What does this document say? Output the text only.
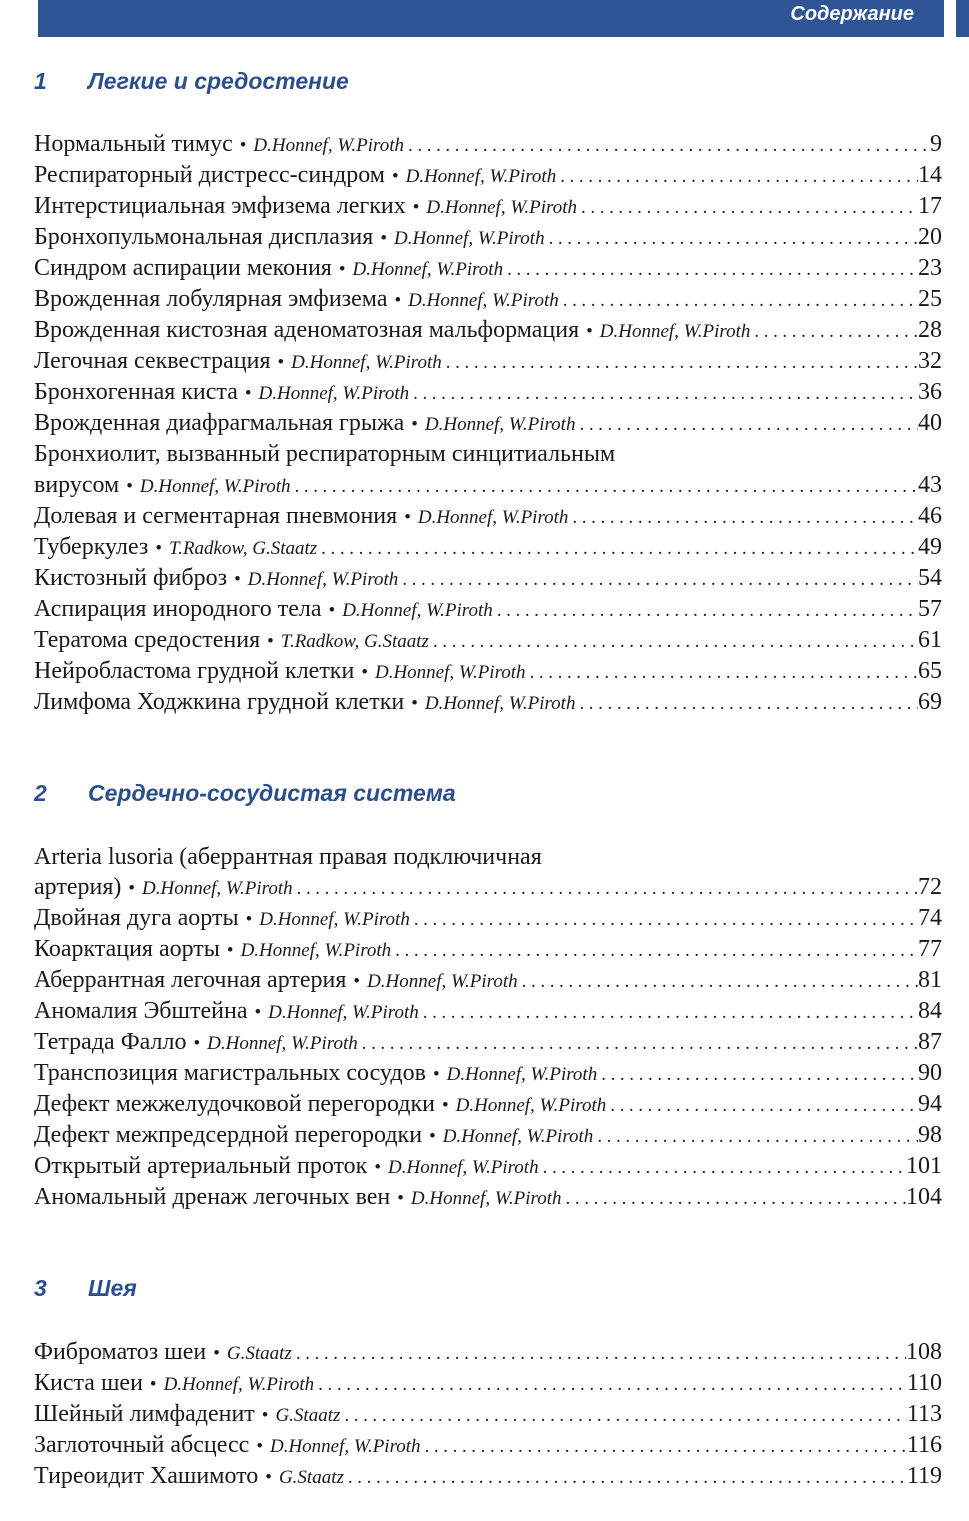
Содержание

1 Легкие и средостение
Нормальный тимус	• D.Honnef, W.Piroth .....	9
Респираторный дистресс-синдром	• D.Honnef, W.Piroth .....	14
Интерстициальная эмфизема легких	• D.Honnef, W.Piroth .....	17
Бронхопульмональная дисплазия	• D.Honnef, W.Piroth .....	20
Синдром аспирации мекония	• D.Honnef, W.Piroth .....	23
Врожденная лобулярная эмфизема	• D.Honnef, W.Piroth .....	25
Врожденная кистозная аденоматозная мальформация	• D.Honnef, W.Piroth .....	28
Легочная секвестрация	• D.Honnef, W.Piroth .....	32
Бронхогенная киста	• D.Honnef, W.Piroth .....	36
Врожденная диафрагмальная грыжа	• D.Honnef, W.Piroth .....	40
Бронхиолит, вызванный респираторным синцитиальным
вирусом	• D.Honnef, W.Piroth .....	43
Долевая и сегментарная пневмония	• D.Honnef, W.Piroth .....	46
Туберкулез	• T.Radkow, G.Staatz .....	49
Кистозный фиброз	• D.Honnef, W.Piroth .....	54
Аспирация инородного тела	• D.Honnef, W.Piroth .....	57
Тератома средостения	• T.Radkow, G.Staatz .....	61
Нейробластома грудной клетки	• D.Honnef, W.Piroth .....	65
Лимфома Ходжкина грудной клетки	• D.Honnef, W.Piroth .....	69
2 Сердечно-сосудистая система
Arteria lusoria (аберрантная правая подключичная
артерия)	• D.Honnef, W.Piroth .....	72
Двойная дуга аорты	• D.Honnef, W.Piroth .....	74
Коарктация аорты	• D.Honnef, W.Piroth .....	77
Аберрантная легочная артерия	• D.Honnef, W.Piroth .....	81
Аномалия Эбштейна	• D.Honnef, W.Piroth .....	84
Тетрада Фалло	• D.Honnef, W.Piroth .....	87
Транспозиция магистральных сосудов	• D.Honnef, W.Piroth .....	90
Дефект межжелудочковой перегородки	• D.Honnef, W.Piroth .....	94
Дефект межпредсердной перегородки	• D.Honnef, W.Piroth .....	98
Открытый артериальный проток	• D.Honnef, W.Piroth .....	101
Аномальный дренаж легочных вен	• D.Honnef, W.Piroth .....	104
3 Шея
Фиброматоз шеи	• G.Staatz .....	108
Киста шеи	• D.Honnef, W.Piroth .....	110
Шейный лимфаденит	• G.Staatz .....	113
Заглоточный абсцесс	• D.Honnef, W.Piroth .....	116
Тиреоидит Хашимото	• G.Staatz .....	119
